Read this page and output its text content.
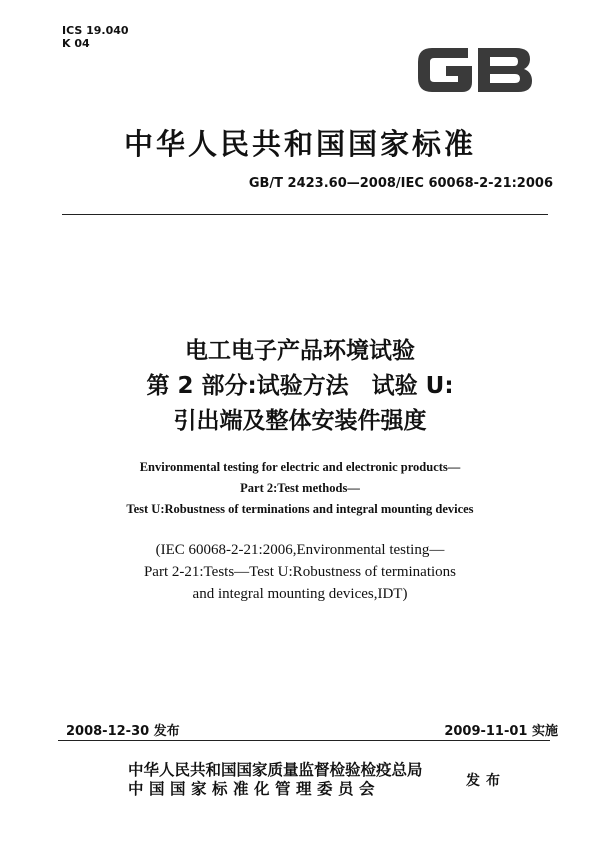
ICS 19.040
K 04	GB
中华人民共和国国家标准
GB/T 2423.60—2008/IEC 60068-2-21:2006
电工电子产品环境试验
第 2 部分:试验方法　试验 U:
引出端及整体安装件强度
Environmental testing for electric and electronic products—
Part 2:Test methods—
Test U:Robustness of terminations and integral mounting devices
(IEC 60068-2-21:2006,Environmental testing—
Part 2-21:Tests—Test U:Robustness of terminations
and integral mounting devices,IDT)
2008-12-30 发布	2009-11-01 实施
中华人民共和国国家质量监督检验检疫总局
中国国家标准化管理委员会	发布
